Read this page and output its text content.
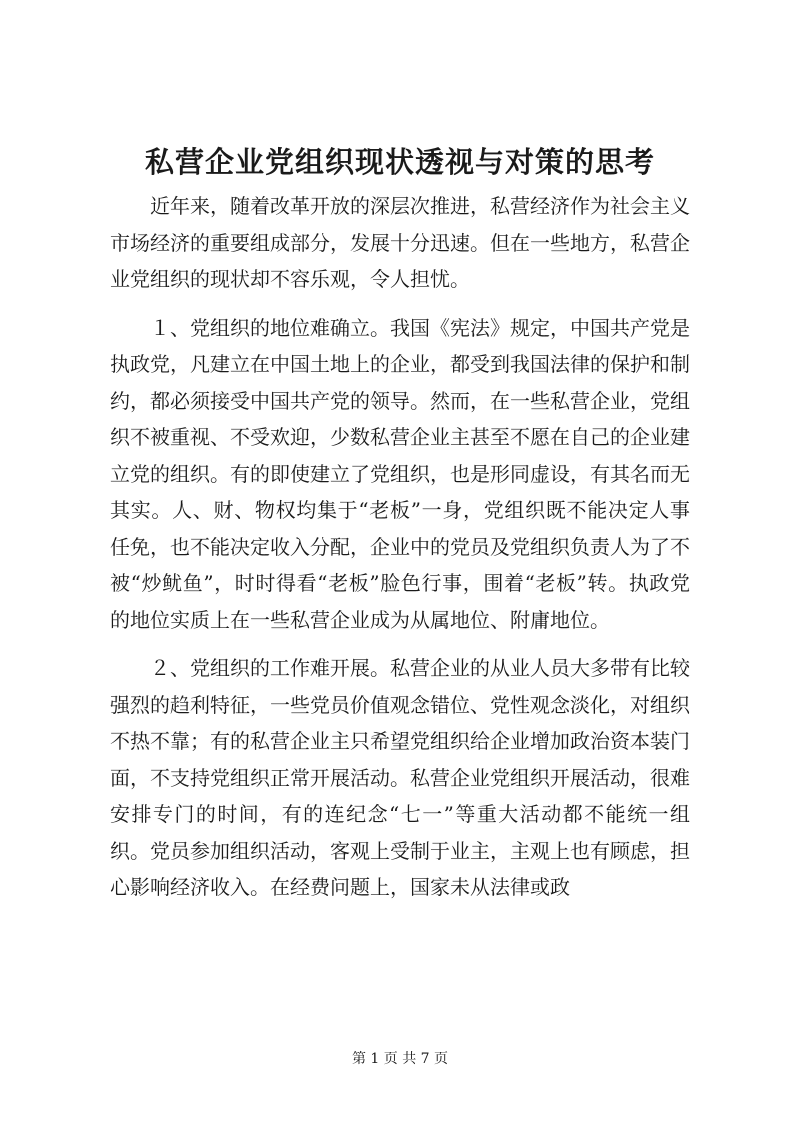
私营企业党组织现状透视与对策的思考

近年来，随着改革开放的深层次推进，私营经济作为社会主义市场经济的重要组成部分，发展十分迅速。但在一些地方，私营企业党组织的现状却不容乐观，令人担忧。

１、党组织的地位难确立。我国《宪法》规定，中国共产党是执政党，凡建立在中国土地上的企业，都受到我国法律的保护和制约，都必须接受中国共产党的领导。然而，在一些私营企业，党组织不被重视、不受欢迎，少数私营企业主甚至不愿在自己的企业建立党的组织。有的即使建立了党组织，也是形同虚设，有其名而无其实。人、财、物权均集于“老板”一身，党组织既不能决定人事任免，也不能决定收入分配，企业中的党员及党组织负责人为了不被“炒鱿鱼”，时时得看“老板”脸色行事，围着“老板”转。执政党的地位实质上在一些私营企业成为从属地位、附庸地位。

２、党组织的工作难开展。私营企业的从业人员大多带有比较强烈的趋利特征，一些党员价值观念错位、党性观念淡化，对组织不热不靠；有的私营企业主只希望党组织给企业增加政治资本装门面，不支持党组织正常开展活动。私营企业党组织开展活动，很难安排专门的时间，有的连纪念“七一”等重大活动都不能统一组织。党员参加组织活动，客观上受制于业主，主观上也有顾虑，担心影响经济收入。在经费问题上，国家未从法律或政

第 1 页 共 7 页
